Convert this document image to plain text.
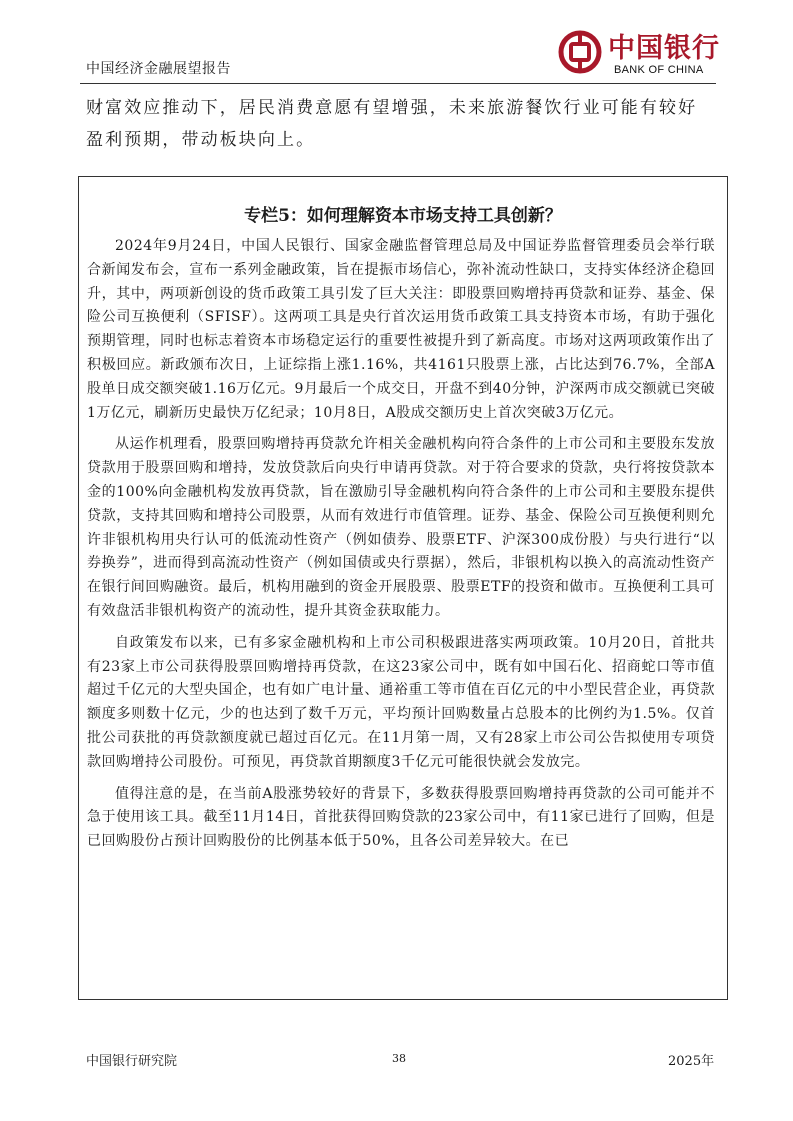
中国经济金融展望报告
中国银行
BANK OF CHINA

财富效应推动下，居民消费意愿有望增强，未来旅游餐饮行业可能有较好盈利预期，带动板块向上。

专栏5：如何理解资本市场支持工具创新？

2024年9月24日，中国人民银行、国家金融监督管理总局及中国证券监督管理委员会举行联合新闻发布会，宣布一系列金融政策，旨在提振市场信心，弥补流动性缺口，支持实体经济企稳回升，其中，两项新创设的货币政策工具引发了巨大关注：即股票回购增持再贷款和证券、基金、保险公司互换便利（SFISF）。这两项工具是央行首次运用货币政策工具支持资本市场，有助于强化预期管理，同时也标志着资本市场稳定运行的重要性被提升到了新高度。市场对这两项政策作出了积极回应。新政颁布次日，上证综指上涨1.16%，共4161只股票上涨，占比达到76.7%，全部A股单日成交额突破1.16万亿元。9月最后一个成交日，开盘不到40分钟，沪深两市成交额就已突破1万亿元，刷新历史最快万亿纪录；10月8日，A股成交额历史上首次突破3万亿元。

从运作机理看，股票回购增持再贷款允许相关金融机构向符合条件的上市公司和主要股东发放贷款用于股票回购和增持，发放贷款后向央行申请再贷款。对于符合要求的贷款，央行将按贷款本金的100%向金融机构发放再贷款，旨在激励引导金融机构向符合条件的上市公司和主要股东提供贷款，支持其回购和增持公司股票，从而有效进行市值管理。证券、基金、保险公司互换便利则允许非银机构用央行认可的低流动性资产（例如债券、股票ETF、沪深300成份股）与央行进行“以券换券”，进而得到高流动性资产（例如国债或央行票据），然后，非银机构以换入的高流动性资产在银行间回购融资。最后，机构用融到的资金开展股票、股票ETF的投资和做市。互换便利工具可有效盘活非银机构资产的流动性，提升其资金获取能力。

自政策发布以来，已有多家金融机构和上市公司积极跟进落实两项政策。10月20日，首批共有23家上市公司获得股票回购增持再贷款，在这23家公司中，既有如中国石化、招商蛇口等市值超过千亿元的大型央国企，也有如广电计量、通裕重工等市值在百亿元的中小型民营企业，再贷款额度多则数十亿元，少的也达到了数千万元，平均预计回购数量占总股本的比例约为1.5%。仅首批公司获批的再贷款额度就已超过百亿元。在11月第一周，又有28家上市公司公告拟使用专项贷款回购增持公司股份。可预见，再贷款首期额度3千亿元可能很快就会发放完。

值得注意的是，在当前A股涨势较好的背景下，多数获得股票回购增持再贷款的公司可能并不急于使用该工具。截至11月14日，首批获得回购贷款的23家公司中，有11家已进行了回购，但是已回购股份占预计回购股份的比例基本低于50%，且各公司差异较大。在已

中国银行研究院	38	2025年
